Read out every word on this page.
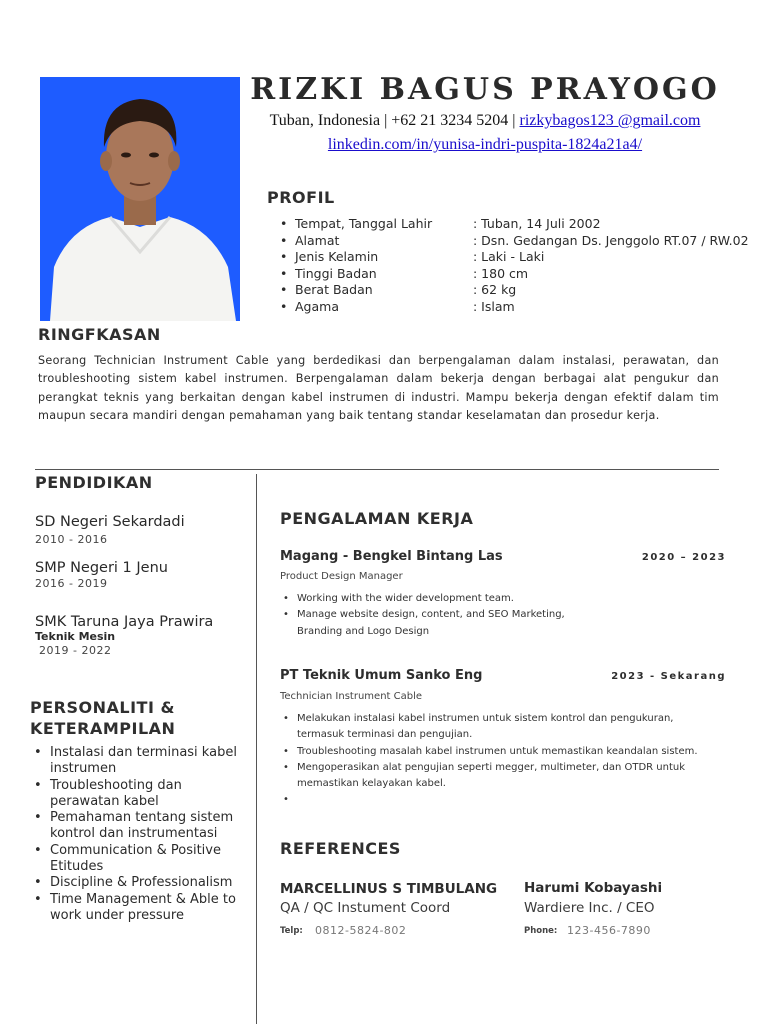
RIZKI BAGUS PRAYOGO
Tuban, Indonesia | +62 21 3234 5204 | rizkybagos123 @gmail.com
linkedin.com/in/yunisa-indri-puspita-1824a21a4/
PROFIL
• Tempat, Tanggal Lahir	: Tuban, 14 Juli 2002
• Alamat	: Dsn. Gedangan Ds. Jenggolo RT.07 / RW.02
• Jenis Kelamin	: Laki - Laki
• Tinggi Badan	: 180 cm
• Berat Badan	: 62 kg
• Agama	: Islam
RINGFKASAN
Seorang Technician Instrument Cable yang berdedikasi dan berpengalaman dalam instalasi, perawatan, dan troubleshooting sistem kabel instrumen. Berpengalaman dalam bekerja dengan berbagai alat pengukur dan perangkat teknis yang berkaitan dengan kabel instrumen di industri. Mampu bekerja dengan efektif dalam tim maupun secara mandiri dengan pemahaman yang baik tentang standar keselamatan dan prosedur kerja.
PENDIDIKAN
SD Negeri Sekardadi
2010 - 2016
SMP Negeri 1 Jenu
2016 - 2019
SMK Taruna Jaya Prawira
Teknik Mesin
2019 - 2022
PERSONALITI &
KETERAMPILAN
• Instalasi dan terminasi kabel instrumen
• Troubleshooting dan perawatan kabel
• Pemahaman tentang sistem kontrol dan instrumentasi
• Communication & Positive Etitudes
• Discipline & Professionalism
• Time Management & Able to work under pressure
PENGALAMAN KERJA
Magang - Bengkel Bintang Las	2020 – 2023
Product Design Manager
• Working with the wider development team.
• Manage website design, content, and SEO Marketing, Branding and Logo Design
PT Teknik Umum Sanko Eng	2023 - Sekarang
Technician Instrument Cable
• Melakukan instalasi kabel instrumen untuk sistem kontrol dan pengukuran, termasuk terminasi dan pengujian.
• Troubleshooting masalah kabel instrumen untuk memastikan keandalan sistem.
• Mengoperasikan alat pengujian seperti megger, multimeter, dan OTDR untuk memastikan kelayakan kabel.
•
REFERENCES
MARCELLINUS S TIMBULANG
QA / QC Instument Coord
Telp: 0812-5824-802
Harumi Kobayashi
Wardiere Inc. / CEO
Phone: 123-456-7890
